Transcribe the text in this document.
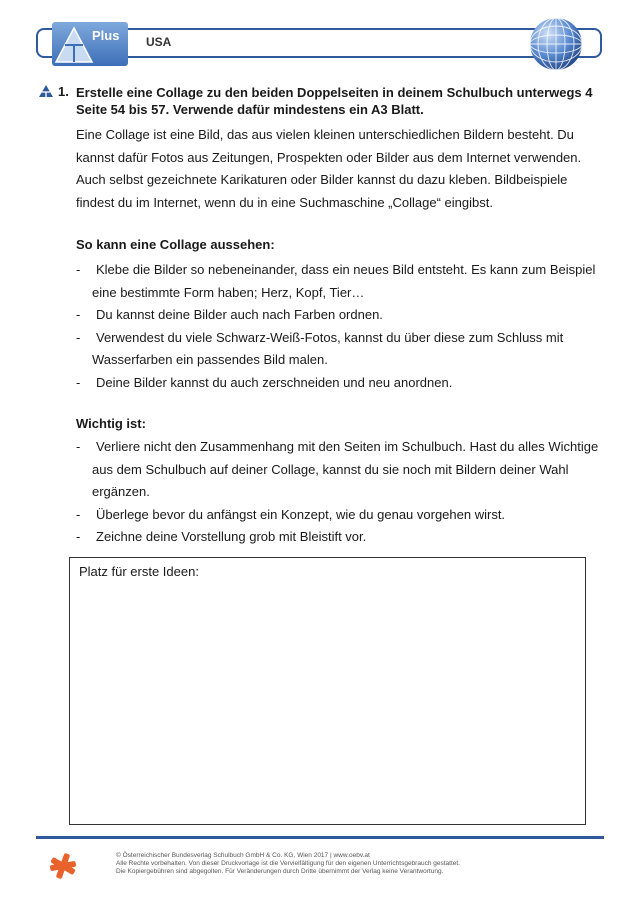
Plus USA
1. Erstelle eine Collage zu den beiden Doppelseiten in deinem Schulbuch unterwegs 4 Seite 54 bis 57. Verwende dafür mindestens ein A3 Blatt.
Eine Collage ist eine Bild, das aus vielen kleinen unterschiedlichen Bildern besteht. Du kannst dafür Fotos aus Zeitungen, Prospekten oder Bilder aus dem Internet verwenden. Auch selbst gezeichnete Karikaturen oder Bilder kannst du dazu kleben. Bildbeispiele findest du im Internet, wenn du in eine Suchmaschine „Collage“ eingibst.
So kann eine Collage aussehen:
- Klebe die Bilder so nebeneinander, dass ein neues Bild entsteht. Es kann zum Beispiel eine bestimmte Form haben; Herz, Kopf, Tier…
- Du kannst deine Bilder auch nach Farben ordnen.
- Verwendest du viele Schwarz-Weiß-Fotos, kannst du über diese zum Schluss mit Wasserfarben ein passendes Bild malen.
- Deine Bilder kannst du auch zerschneiden und neu anordnen.
Wichtig ist:
- Verliere nicht den Zusammenhang mit den Seiten im Schulbuch. Hast du alles Wichtige aus dem Schulbuch auf deiner Collage, kannst du sie noch mit Bildern deiner Wahl ergänzen.
- Überlege bevor du anfängst ein Konzept, wie du genau vorgehen wirst.
- Zeichne deine Vorstellung grob mit Bleistift vor.
Platz für erste Ideen:
© Österreichischer Bundesverlag Schulbuch GmbH & Co. KG, Wien 2017 | www.oebv.at
Alle Rechte vorbehalten. Von dieser Druckvorlage ist die Vervielfältigung für den eigenen Unterrichtsgebrauch gestattet.
Die Kopiergebühren sind abgegolten. Für Veränderungen durch Dritte übernimmt der Verlag keine Verantwortung.
